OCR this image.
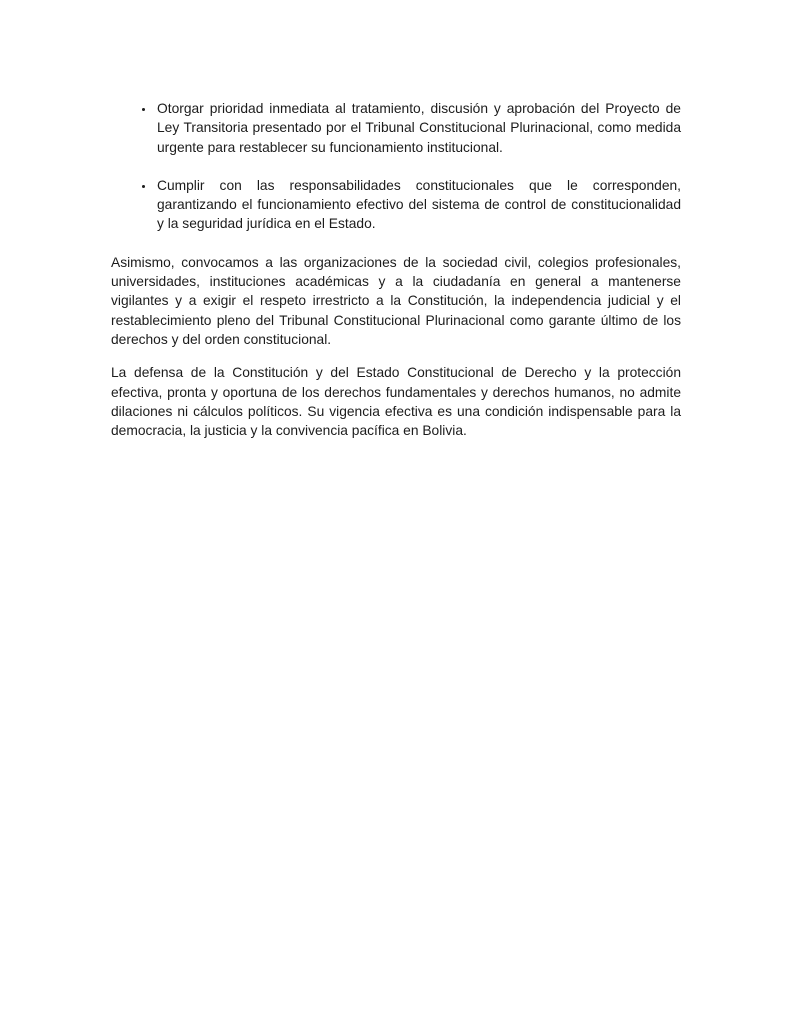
• Otorgar prioridad inmediata al tratamiento, discusión y aprobación del Proyecto de Ley Transitoria presentado por el Tribunal Constitucional Plurinacional, como medida urgente para restablecer su funcionamiento institucional.
• Cumplir con las responsabilidades constitucionales que le corresponden, garantizando el funcionamiento efectivo del sistema de control de constitucionalidad y la seguridad jurídica en el Estado.

Asimismo, convocamos a las organizaciones de la sociedad civil, colegios profesionales, universidades, instituciones académicas y a la ciudadanía en general a mantenerse vigilantes y a exigir el respeto irrestricto a la Constitución, la independencia judicial y el restablecimiento pleno del Tribunal Constitucional Plurinacional como garante último de los derechos y del orden constitucional.

La defensa de la Constitución y del Estado Constitucional de Derecho y la protección efectiva, pronta y oportuna de los derechos fundamentales y derechos humanos, no admite dilaciones ni cálculos políticos. Su vigencia efectiva es una condición indispensable para la democracia, la justicia y la convivencia pacífica en Bolivia.
